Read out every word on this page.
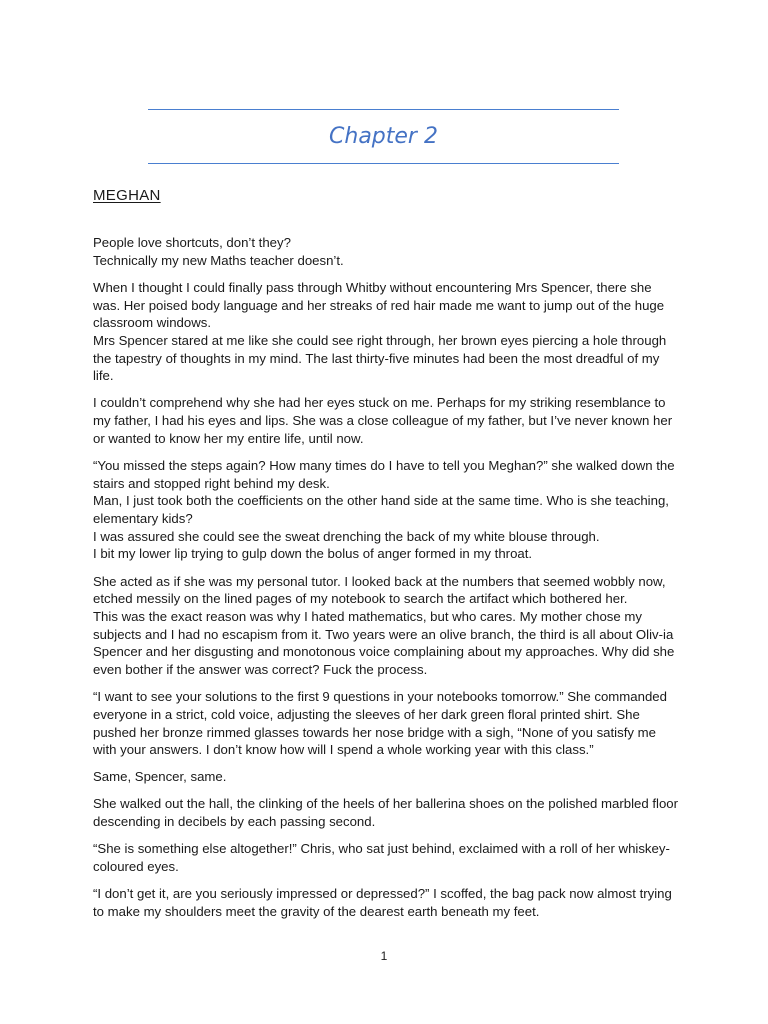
Chapter 2
MEGHAN

People love shortcuts, don’t they?
Technically my new Maths teacher doesn’t.

When I thought I could finally pass through Whitby without encountering Mrs Spencer, there she was. Her poised body language and her streaks of red hair made me want to jump out of the huge classroom windows.
Mrs Spencer stared at me like she could see right through, her brown eyes piercing a hole through the tapestry of thoughts in my mind. The last thirty-five minutes had been the most dreadful of my life.

I couldn’t comprehend why she had her eyes stuck on me. Perhaps for my striking resemblance to my father, I had his eyes and lips. She was a close colleague of my father, but I’ve never known her or wanted to know her my entire life, until now.

“You missed the steps again? How many times do I have to tell you Meghan?” she walked down the stairs and stopped right behind my desk.
Man, I just took both the coefficients on the other hand side at the same time. Who is she teaching, elementary kids?
I was assured she could see the sweat drenching the back of my white blouse through.
I bit my lower lip trying to gulp down the bolus of anger formed in my throat.

She acted as if she was my personal tutor. I looked back at the numbers that seemed wobbly now, etched messily on the lined pages of my notebook to search the artifact which bothered her.
This was the exact reason was why I hated mathematics, but who cares. My mother chose my subjects and I had no escapism from it. Two years were an olive branch, the third is all about Oliv-ia Spencer and her disgusting and monotonous voice complaining about my approaches. Why did she even bother if the answer was correct? Fuck the process.

“I want to see your solutions to the first 9 questions in your notebooks tomorrow.” She commanded everyone in a strict, cold voice, adjusting the sleeves of her dark green floral printed shirt. She pushed her bronze rimmed glasses towards her nose bridge with a sigh, “None of you satisfy me with your answers. I don’t know how will I spend a whole working year with this class.”

Same, Spencer, same.

She walked out the hall, the clinking of the heels of her ballerina shoes on the polished marbled floor descending in decibels by each passing second.

“She is something else altogether!” Chris, who sat just behind, exclaimed with a roll of her whiskey-coloured eyes.

“I don’t get it, are you seriously impressed or depressed?” I scoffed, the bag pack now almost trying to make my shoulders meet the gravity of the dearest earth beneath my feet.

1
